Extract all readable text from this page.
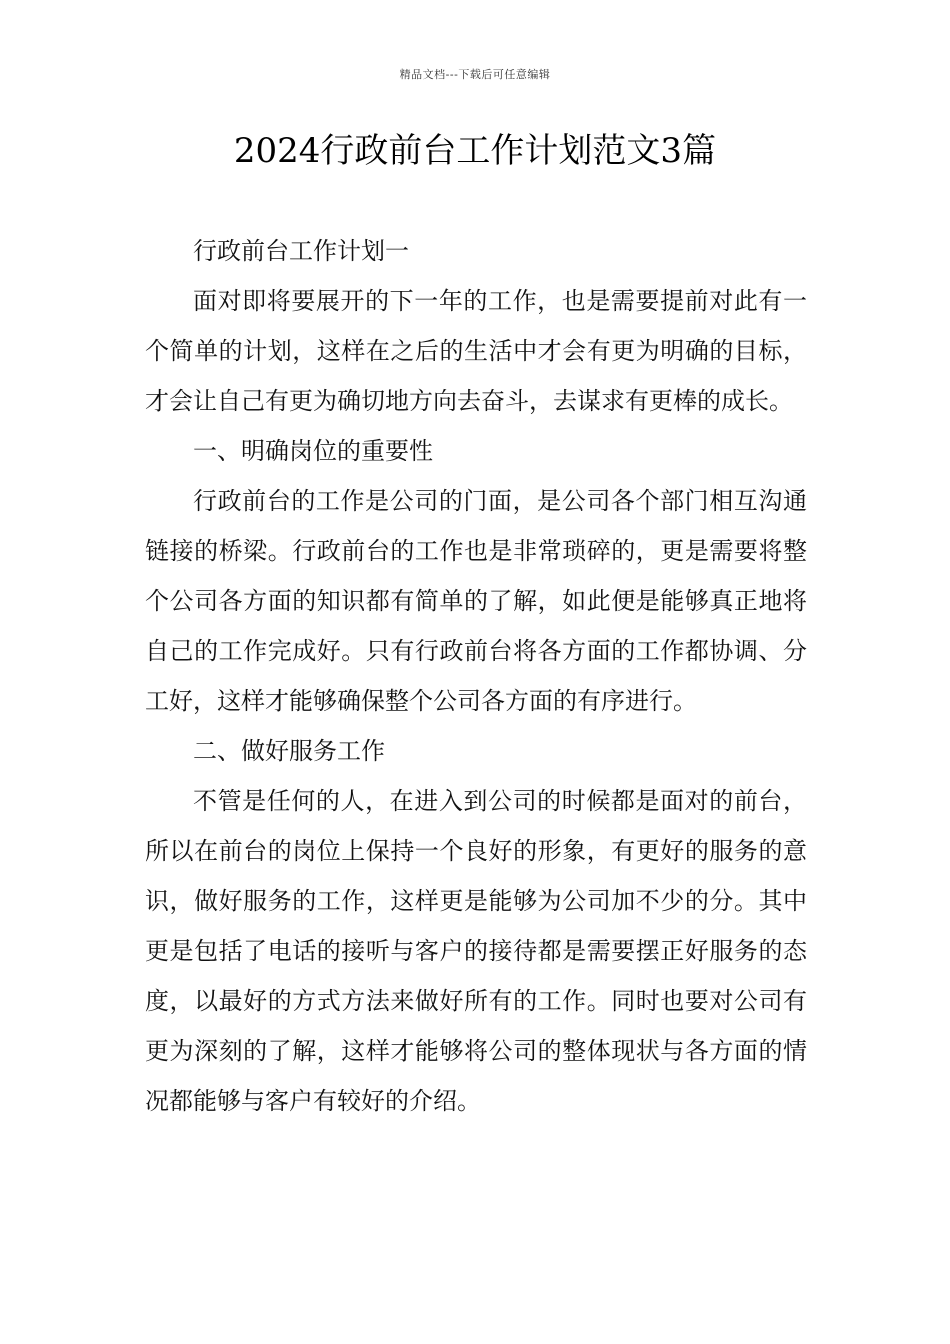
精品文档---下载后可任意编辑
2024行政前台工作计划范文3篇

行政前台工作计划一

面对即将要展开的下一年的工作，也是需要提前对此有一个简单的计划，这样在之后的生活中才会有更为明确的目标，才会让自己有更为确切地方向去奋斗，去谋求有更棒的成长。

一、明确岗位的重要性

行政前台的工作是公司的门面，是公司各个部门相互沟通链接的桥梁。行政前台的工作也是非常琐碎的，更是需要将整个公司各方面的知识都有简单的了解，如此便是能够真正地将自己的工作完成好。只有行政前台将各方面的工作都协调、分工好，这样才能够确保整个公司各方面的有序进行。

二、做好服务工作

不管是任何的人，在进入到公司的时候都是面对的前台，所以在前台的岗位上保持一个良好的形象，有更好的服务的意识，做好服务的工作，这样更是能够为公司加不少的分。其中更是包括了电话的接听与客户的接待都是需要摆正好服务的态度，以最好的方式方法来做好所有的工作。同时也要对公司有更为深刻的了解，这样才能够将公司的整体现状与各方面的情况都能够与客户有较好的介绍。
